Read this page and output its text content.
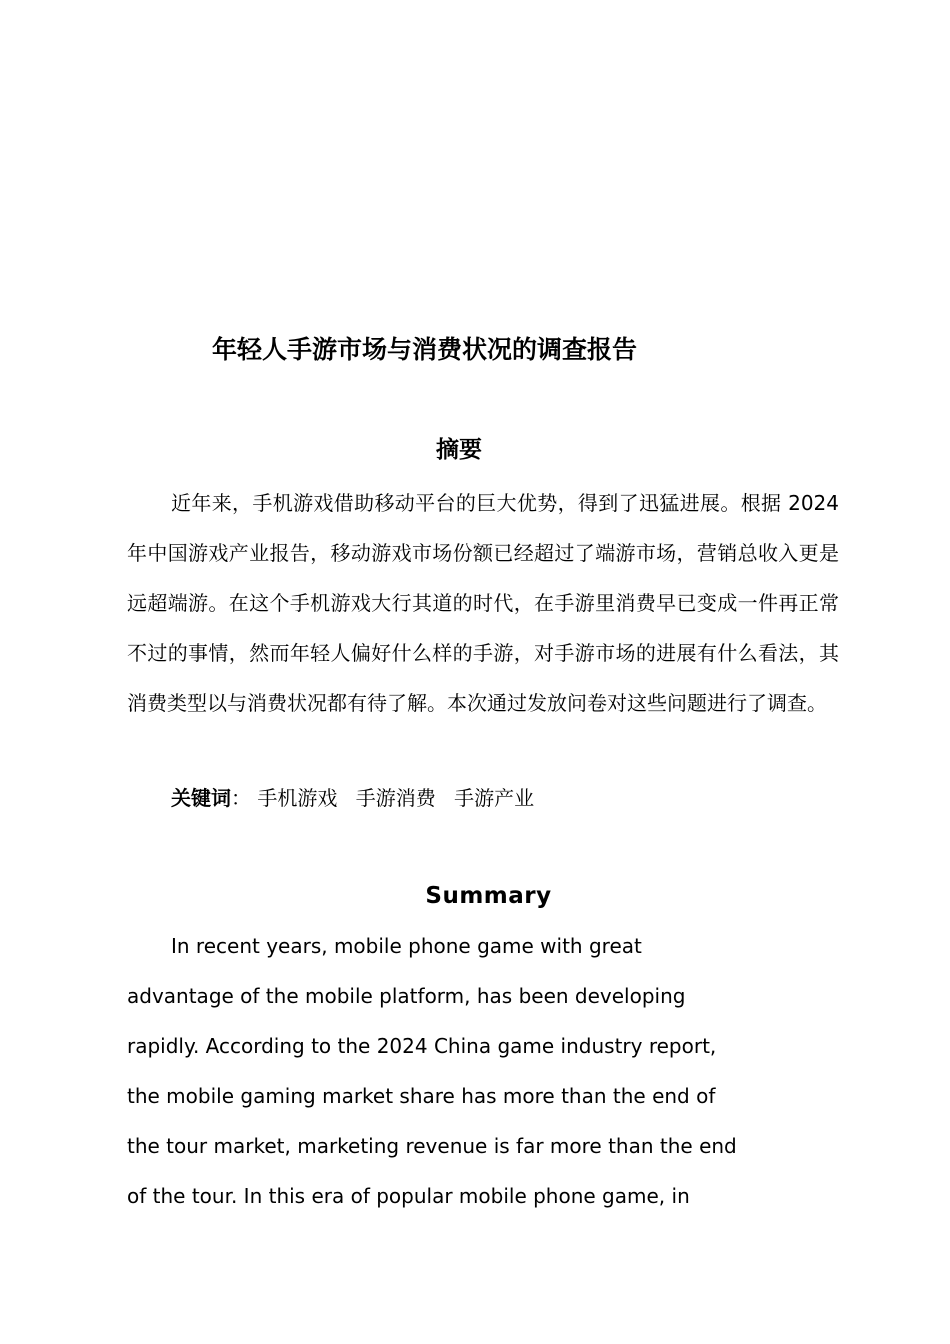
年轻人手游市场与消费状况的调查报告
摘要

近年来，手机游戏借助移动平台的巨大优势，得到了迅猛进展。根据 2024 年中国游戏产业报告，移动游戏市场份额已经超过了端游市场，营销总收入更是远超端游。在这个手机游戏大行其道的时代，在手游里消费早已变成一件再正常不过的事情，然而年轻人偏好什么样的手游，对手游市场的进展有什么看法，其消费类型以与消费状况都有待了解。本次通过发放问卷对这些问题进行了调查。

关键词： 手机游戏 手游消费 手游产业
Summary
In recent years, mobile phone game with great
advantage of the mobile platform, has been developing
rapidly. According to the 2024 China game industry report,
the mobile gaming market share has more than the end of
the tour market, marketing revenue is far more than the end
of the tour. In this era of popular mobile phone game, in
